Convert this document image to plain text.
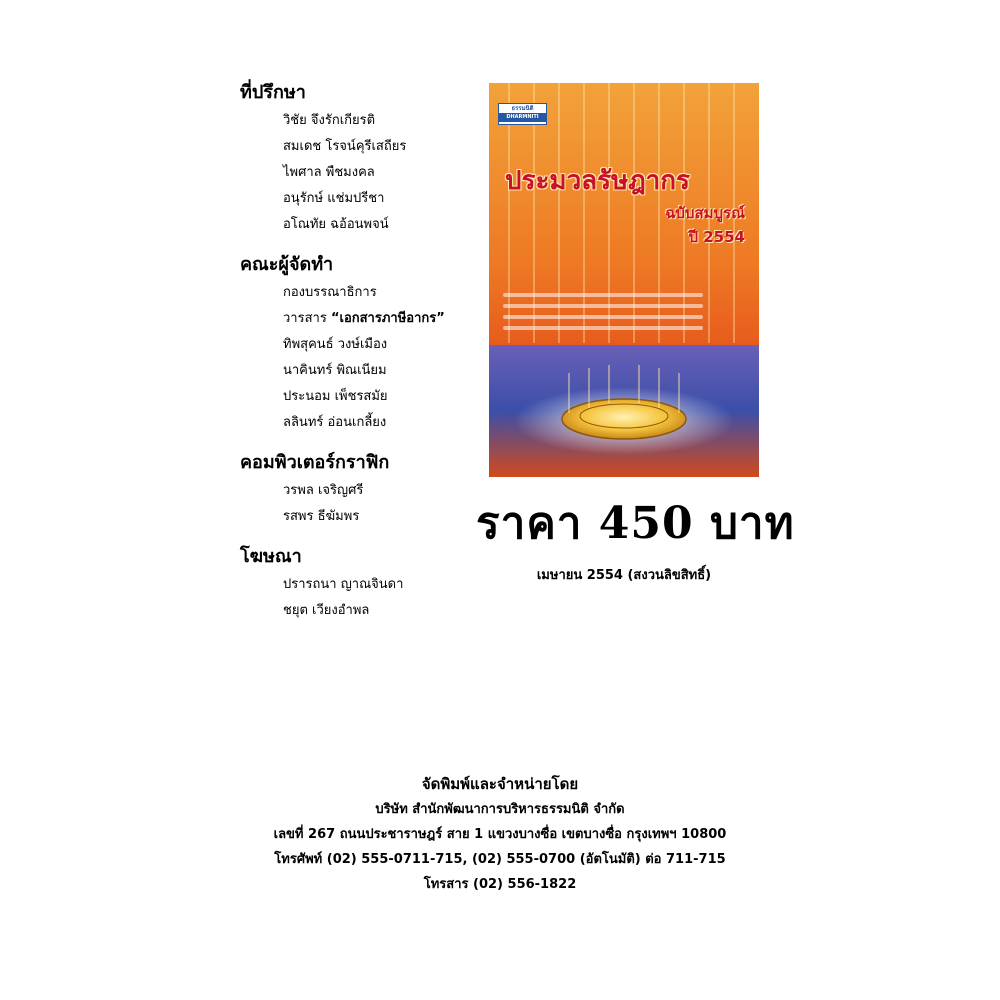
ที่ปรึกษา
วิชัย จึงรักเกียรติ
สมเดช โรจน์คุรีเสถียร
ไพศาล พืชมงคล
อนุรักษ์ แช่มปรีชา
อโณทัย ฉอ้อนพจน์
คณะผู้จัดทำ
กองบรรณาธิการ
วารสาร “เอกสารภาษีอากร”
ทิพสุคนธ์ วงษ์เมือง
นาคินทร์ พิณเนียม
ประนอม เพ็ชรสมัย
ลลินทร์ อ่อนเกลี้ยง
คอมพิวเตอร์กราฟิก
วรพล เจริญศรี
รสพร ธีฆัมพร
โฆษณา
ปรารถนา ญาณจินดา
ชยุต เวียงอำพล
ธรรมนิติ
DHARMNITI
ประมวลรัษฎากร
ฉบับสมบูรณ์
ปี 2554
ราคา 450 บาท
เมษายน 2554 (สงวนลิขสิทธิ์)
จัดพิมพ์และจำหน่ายโดย
บริษัท สำนักพัฒนาการบริหารธรรมนิติ จำกัด
เลขที่ 267 ถนนประชาราษฎร์ สาย 1 แขวงบางซื่อ เขตบางซื่อ กรุงเทพฯ 10800
โทรศัพท์ (02) 555-0711-715, (02) 555-0700 (อัตโนมัติ) ต่อ 711-715
โทรสาร (02) 556-1822
